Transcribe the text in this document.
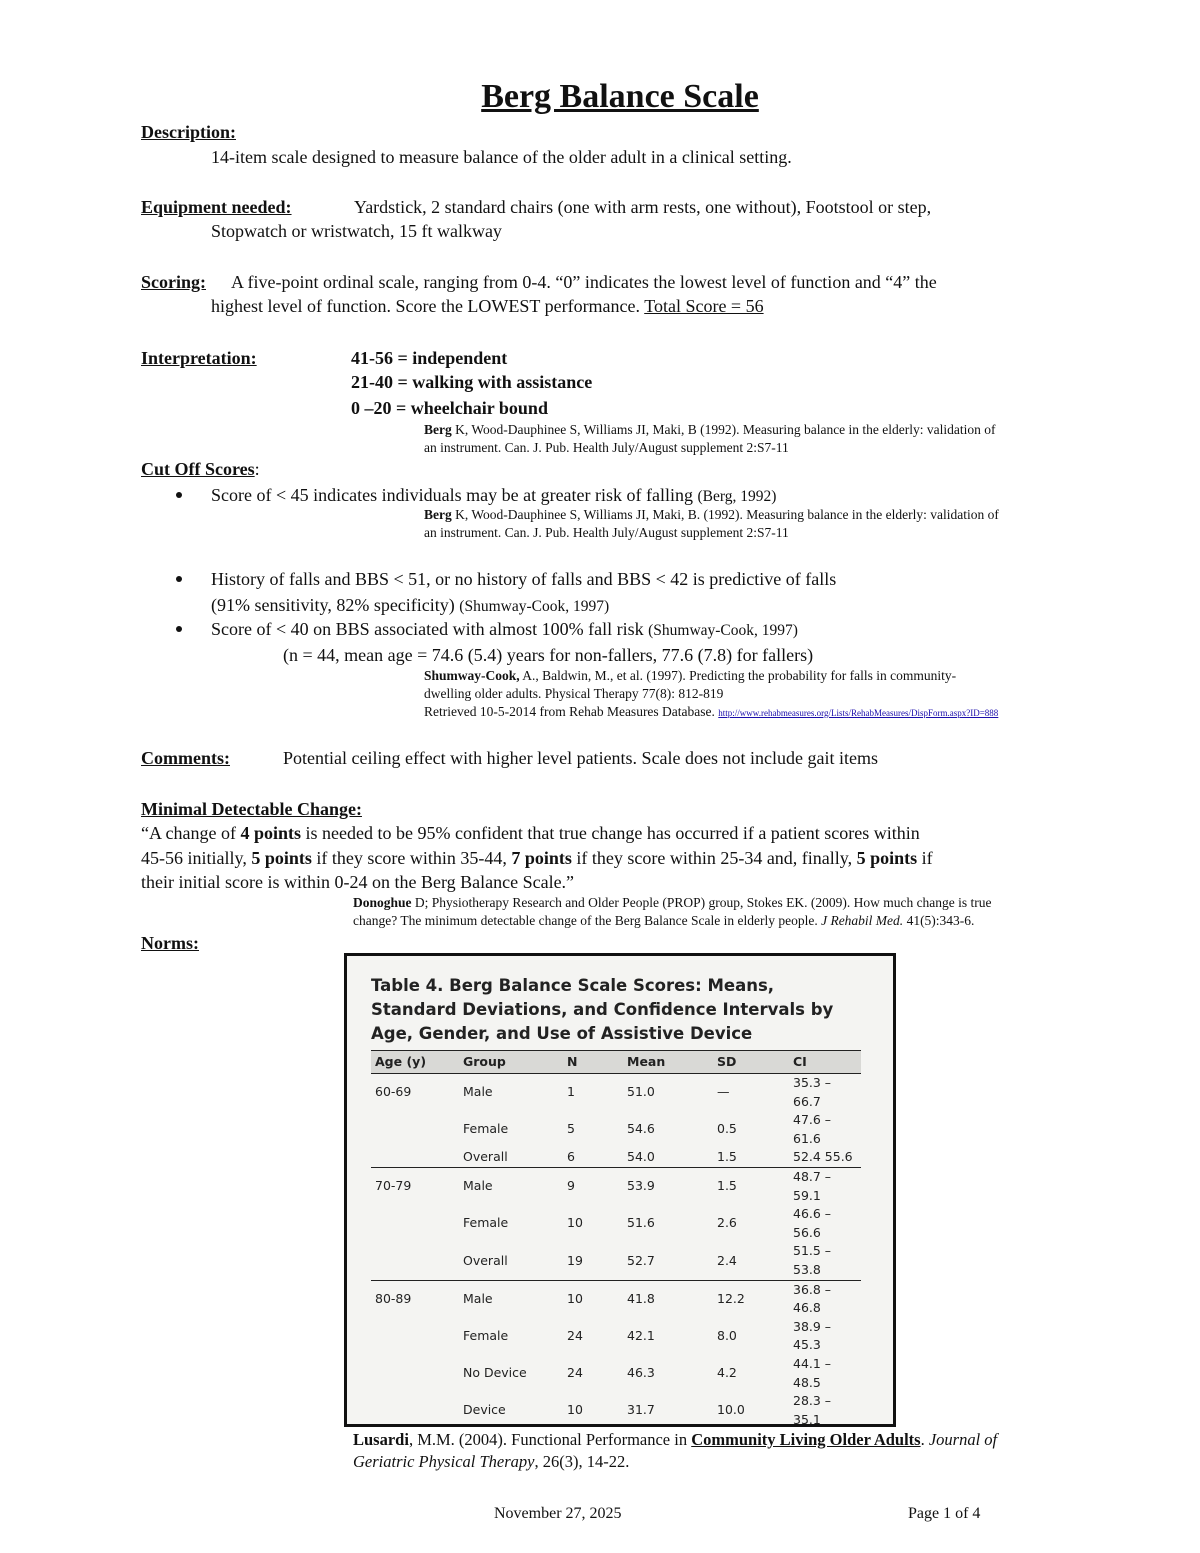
Berg Balance Scale
Description:
14-item scale designed to measure balance of the older adult in a clinical setting.
Equipment needed:	Yardstick, 2 standard chairs (one with arm rests, one without), Footstool or step,
Stopwatch or wristwatch, 15 ft walkway
Scoring: A five-point ordinal scale, ranging from 0-4. “0” indicates the lowest level of function and “4” the
highest level of function. Score the LOWEST performance. Total Score = 56
Interpretation:	41-56 = independent
21-40 = walking with assistance
0 –20 = wheelchair bound
Berg K, Wood-Dauphinee S, Williams JI, Maki, B (1992). Measuring balance in the elderly: validation of
an instrument. Can. J. Pub. Health July/August supplement 2:S7-11
Cut Off Scores:
Score of < 45 indicates individuals may be at greater risk of falling (Berg, 1992)
Berg K, Wood-Dauphinee S, Williams JI, Maki, B. (1992). Measuring balance in the elderly: validation of
an instrument. Can. J. Pub. Health July/August supplement 2:S7-11
History of falls and BBS < 51, or no history of falls and BBS < 42 is predictive of falls
(91% sensitivity, 82% specificity) (Shumway-Cook, 1997)
Score of < 40 on BBS associated with almost 100% fall risk (Shumway-Cook, 1997)
(n = 44, mean age = 74.6 (5.4) years for non-fallers, 77.6 (7.8) for fallers)
Shumway-Cook, A., Baldwin, M., et al. (1997). Predicting the probability for falls in community-
dwelling older adults. Physical Therapy 77(8): 812-819
Retrieved 10-5-2014 from Rehab Measures Database. http://www.rehabmeasures.org/Lists/RehabMeasures/DispForm.aspx?ID=888
Comments:	Potential ceiling effect with higher level patients. Scale does not include gait items
Minimal Detectable Change:
“A change of 4 points is needed to be 95% confident that true change has occurred if a patient scores within
45-56 initially, 5 points if they score within 35-44, 7 points if they score within 25-34 and, finally, 5 points if
their initial score is within 0-24 on the Berg Balance Scale.”
Donoghue D; Physiotherapy Research and Older People (PROP) group, Stokes EK. (2009). How much change is true
change? The minimum detectable change of the Berg Balance Scale in elderly people. J Rehabil Med. 41(5):343-6.
Norms:
Table 4. Berg Balance Scale Scores: Means, Standard Deviations, and Confidence Intervals by Age, Gender, and Use of Assistive Device
Age (y)	Group	N	Mean	SD	CI
60-69	Male	1	51.0	—	35.3 – 66.7
	Female	5	54.6	0.5	47.6 – 61.6
	Overall	6	54.0	1.5	52.4 55.6
70-79	Male	9	53.9	1.5	48.7 – 59.1
	Female	10	51.6	2.6	46.6 – 56.6
	Overall	19	52.7	2.4	51.5 – 53.8
80-89	Male	10	41.8	12.2	36.8 – 46.8
	Female	24	42.1	8.0	38.9 – 45.3
	No Device	24	46.3	4.2	44.1 – 48.5
	Device	10	31.7	10.0	28.3 – 35.1

Lusardi, M.M. (2004). Functional Performance in Community Living Older Adults. Journal of
Geriatric Physical Therapy, 26(3), 14-22.
November 27, 2025	Page 1 of 4
